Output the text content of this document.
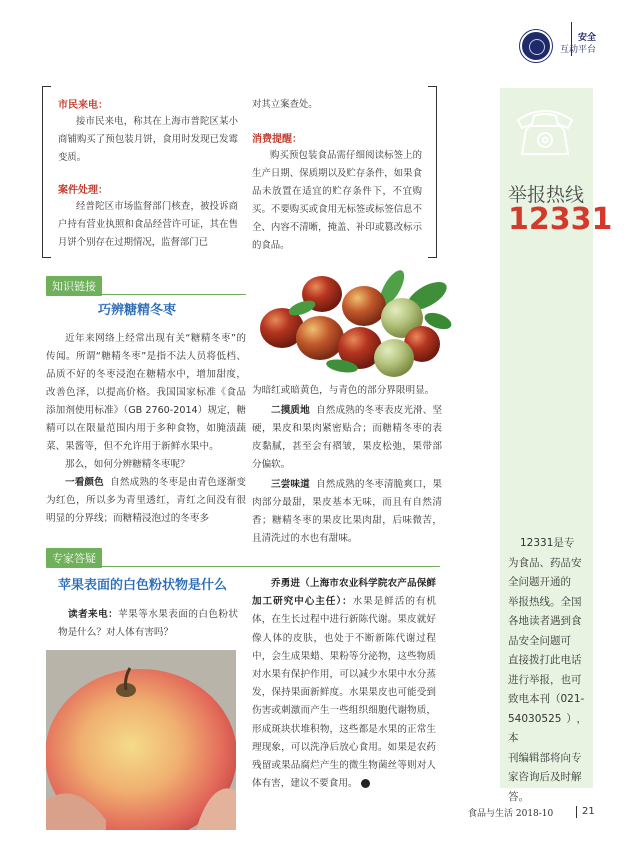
安全
互动平台
举报热线
12331
12331是专
为食品、药品安
全问题开通的
举报热线。全国
各地读者遇到食
品安全问题可
直接拨打此电话
进行举报，也可
致电本刊（021-
54030525），本
刊编辑部将向专
家咨询后及时解
答。
市民来电：
接市民来电，称其在上海市普陀区某小商铺购买了预包装月饼，食用时发现已发霉变质。
案件处理：
经普陀区市场监督部门核查，被投诉商户持有营业执照和食品经营许可证，其在售月饼个别存在过期情况，监督部门已
对其立案查处。
消费提醒：
购买预包装食品需仔细阅读标签上的生产日期、保质期以及贮存条件，如果食品未放置在适宜的贮存条件下，不宜购买。不要购买或食用无标签或标签信息不全、内容不清晰，掩盖、补印或篡改标示的食品。
知识链接
巧辨糖精冬枣
近年来网络上经常出现有关“糖精冬枣”的传闻。所谓“糖精冬枣”是指不法人员将低档、品质不好的冬枣浸泡在糖精水中，增加甜度，改善色泽，以提高价格。我国国家标准《食品添加剂使用标准》（GB 2760-2014）规定，糖精可以在限量范围内用于多种食物，如腌渍蔬菜、果酱等，但不允许用于新鲜水果中。
那么，如何分辨糖精冬枣呢？
一看颜色 自然成熟的冬枣是由青色逐渐变为红色，所以多为青里透红，青红之间没有很明显的分界线；而糖精浸泡过的冬枣多
为暗红或暗黄色，与青色的部分界限明显。
二摸质地 自然成熟的冬枣表皮光滑、坚硬，果皮和果肉紧密贴合；而糖精冬枣的表皮黏腻，甚至会有褶皱，果皮松弛，果带部分偏软。
三尝味道 自然成熟的冬枣清脆爽口，果肉部分最甜，果皮基本无味，而且有自然清香；糖精冬枣的果皮比果肉甜，后味微苦，且清洗过的水也有甜味。
专家答疑
苹果表面的白色粉状物是什么
读者来电：苹果等水果表面的白色粉状物是什么？对人体有害吗？
乔勇进（上海市农业科学院农产品保鲜加工研究中心主任）：水果是鲜活的有机体，在生长过程中进行新陈代谢。果皮就好像人体的皮肤，也处于不断新陈代谢过程中，会生成果蜡、果粉等分泌物，这些物质对水果有保护作用，可以减少水果中水分蒸发，保持果面新鲜度。水果果皮也可能受到伤害或刺激而产生一些组织细胞代谢物质，形成斑块状堆积物，这些都是水果的正常生理现象，可以洗净后放心食用。如果是农药残留或果品腐烂产生的微生物菌丝等则对人体有害，建议不要食用。
食品与生活 2018-10	21
